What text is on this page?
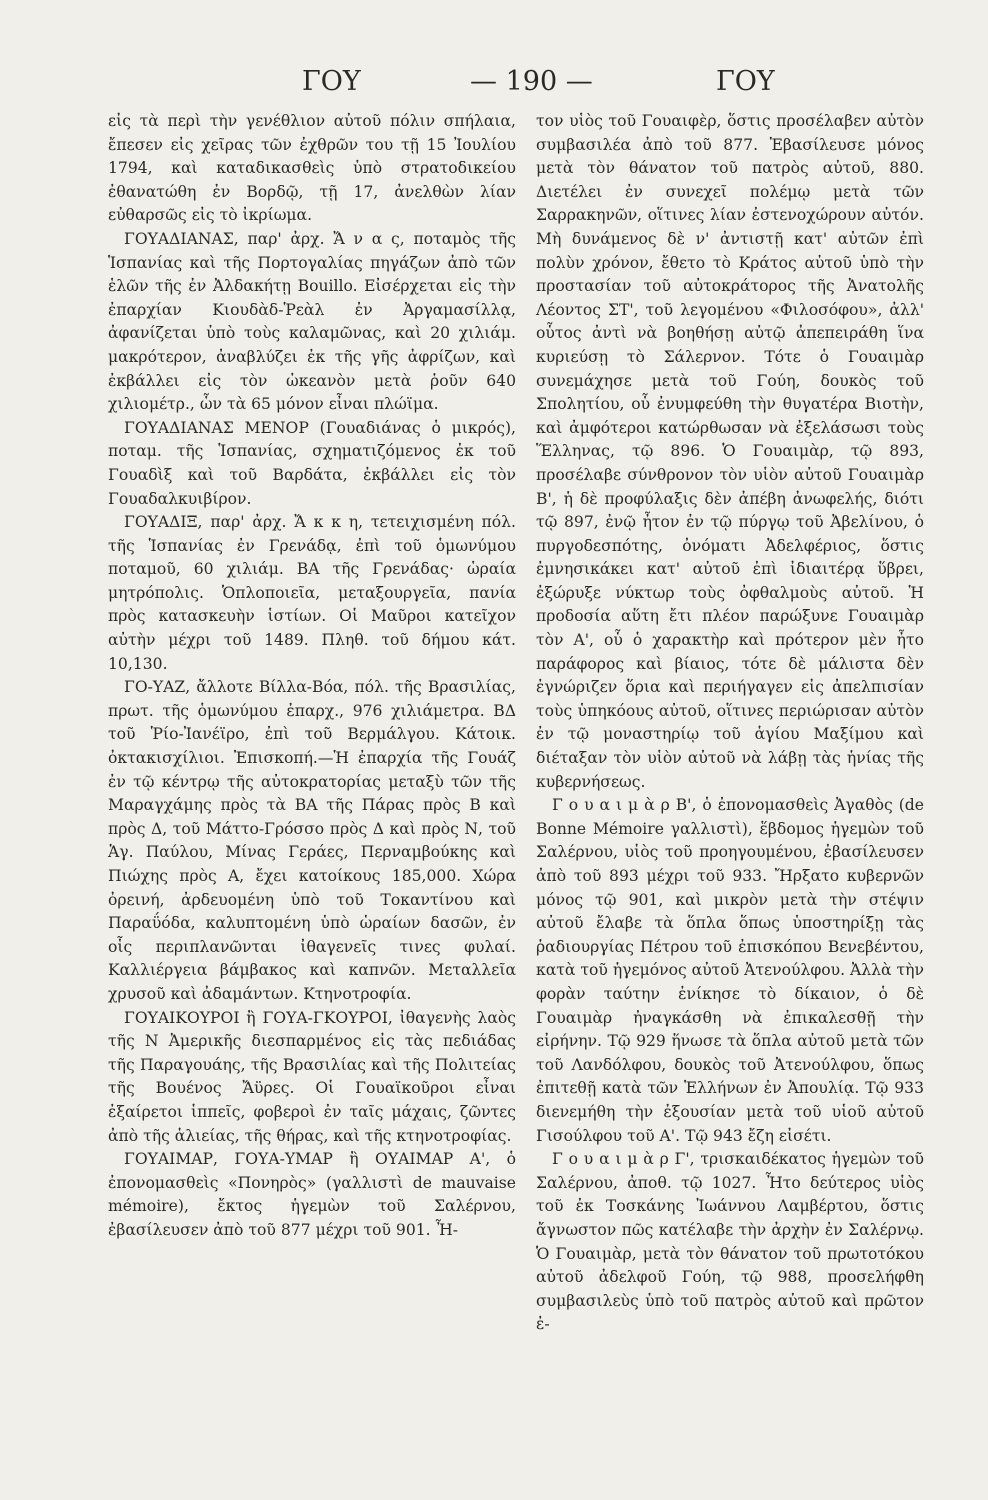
ΓΟΥ	— 190 —	ΓΟΥ

εἰς τὰ περὶ τὴν γενέθλιον αὐτοῦ πόλιν σπήλαια, ἔπεσεν εἰς χεῖρας τῶν ἐχθρῶν του τῇ 15 Ἰουλίου 1794, καὶ καταδικασθεὶς ὑπὸ στρατοδικείου ἐθανατώθη ἐν Βορδῷ, τῇ 17, ἀνελθὼν λίαν εὐθαρσῶς εἰς τὸ ἰκρίωμα.

ΓΟΥΑΔΙΑΝΑΣ, παρ' ἀρχ. Ἄ ν α ς, ποταμὸς τῆς Ἱσπανίας καὶ τῆς Πορτογαλίας πηγάζων ἀπὸ τῶν ἑλῶν τῆς ἐν Ἀλδακήτῃ Bouillo. Εἰσέρχεται εἰς τὴν ἐπαρχίαν Κιουδὰδ-Ῥεὰλ ἐν Ἀργαμασίλλᾳ, ἀφανίζεται ὑπὸ τοὺς καλαμῶνας, καὶ 20 χιλιάμ. μακρότερον, ἀναβλύζει ἐκ τῆς γῆς ἀφρίζων, καὶ ἐκβάλλει εἰς τὸν ὠκεανὸν μετὰ ῥοῦν 640 χιλιομέτρ., ὧν τὰ 65 μόνον εἶναι πλώϊμα.

ΓΟΥΑΔΙΑΝΑΣ ΜΕΝΟΡ (Γουαδιάνας ὁ μικρός), ποταμ. τῆς Ἱσπανίας, σχηματιζόμενος ἐκ τοῦ Γουαδὶξ καὶ τοῦ Βαρδάτα, ἐκβάλλει εἰς τὸν Γουαδαλκυιβίρον.

ΓΟΥΑΔΙΞ, παρ' ἀρχ. Ἄ κ κ η, τετειχισμένη πόλ. τῆς Ἱσπανίας ἐν Γρενάδᾳ, ἐπὶ τοῦ ὁμωνύμου ποταμοῦ, 60 χιλιάμ. ΒΑ τῆς Γρενάδας· ὡραία μητρόπολις. Ὁπλοποιεῖα, μεταξουργεῖα, πανία πρὸς κατασκευὴν ἱστίων. Οἱ Μαῦροι κατεῖχον αὐτὴν μέχρι τοῦ 1489. Πληθ. τοῦ δήμου κάτ. 10,130.

ΓΟ-ΥΑΖ, ἄλλοτε Βίλλα-Βόα, πόλ. τῆς Βρασιλίας, πρωτ. τῆς ὁμωνύμου ἐπαρχ., 976 χιλιάμετρα. ΒΔ τοῦ Ῥίο-Ἰανέϊρο, ἐπὶ τοῦ Βερμάλγου. Κάτοικ. ὀκτακισχίλιοι. Ἐπισκοπή.—Ἡ ἐπαρχία τῆς Γουάζ ἐν τῷ κέντρῳ τῆς αὐτοκρατορίας μεταξὺ τῶν τῆς Μαραγχάμης πρὸς τὰ ΒΑ τῆς Πάρας πρὸς Β καὶ πρὸς Δ, τοῦ Μάττο-Γρόσσο πρὸς Δ καὶ πρὸς Ν, τοῦ Ἁγ. Παύλου, Μίνας Γεράες, Περναμβούκης καὶ Πιώχης πρὸς Α, ἔχει κατοίκους 185,000. Χώρα ὀρεινή, ἀρδευομένη ὑπὸ τοῦ Τοκαντίνου καὶ Παραΰόδα, καλυπτομένη ὑπὸ ὡραίων δασῶν, ἐν οἷς περιπλανῶνται ἰθαγενεῖς τινες φυλαί. Καλλιέργεια βάμβακος καὶ καπνῶν. Μεταλλεῖα χρυσοῦ καὶ ἀδαμάντων. Κτηνοτροφία.

ΓΟΥΑΙΚΟΥΡΟΙ ἢ ΓΟΥΑ-ΓΚΟΥΡΟΙ, ἰθαγενὴς λαὸς τῆς Ν Ἀμερικῆς διεσπαρμένος εἰς τὰς πεδιάδας τῆς Παραγουάης, τῆς Βρασιλίας καὶ τῆς Πολιτείας τῆς Βουένος Ἄϋρες. Οἱ Γουαϊκοῦροι εἶναι ἐξαίρετοι ἱππεῖς, φοβεροὶ ἐν ταῖς μάχαις, ζῶντες ἀπὸ τῆς ἁλιείας, τῆς θήρας, καὶ τῆς κτηνοτροφίας.

ΓΟΥΑΙΜΑΡ, ΓΟΥΑ-ΥΜΑΡ ἢ ΟΥΑΙΜΑΡ Α', ὁ ἐπονομασθεὶς «Πονηρὸς» (γαλλιστὶ de mauvaise mémoire), ἔκτος ἡγεμὼν τοῦ Σαλέρνου, ἐβασίλευσεν ἀπὸ τοῦ 877 μέχρι τοῦ 901. Ἦ-

τον υἱὸς τοῦ Γουαιφὲρ, ὅστις προσέλαβεν αὐτὸν συμβασιλέα ἀπὸ τοῦ 877. Ἐβασίλευσε μόνος μετὰ τὸν θάνατον τοῦ πατρὸς αὐτοῦ, 880. Διετέλει ἐν συνεχεῖ πολέμῳ μετὰ τῶν Σαρρακηνῶν, οἵτινες λίαν ἐστενοχώρουν αὐτόν. Μὴ δυνάμενος δὲ ν' ἀντιστῇ κατ' αὐτῶν ἐπὶ πολὺν χρόνον, ἔθετο τὸ Κράτος αὐτοῦ ὑπὸ τὴν προστασίαν τοῦ αὐτοκράτορος τῆς Ἀνατολῆς Λέοντος ΣΤ', τοῦ λεγομένου «Φιλοσόφου», ἀλλ' οὗτος ἀντὶ νὰ βοηθήσῃ αὐτῷ ἀπεπειράθη ἵνα κυριεύσῃ τὸ Σάλερνον. Τότε ὁ Γουαιμὰρ συνεμάχησε μετὰ τοῦ Γούη, δουκὸς τοῦ Σπολητίου, οὗ ἐνυμφεύθη τὴν θυγατέρα Βιοτὴν, καὶ ἀμφότεροι κατώρθωσαν νὰ ἐξελάσωσι τοὺς Ἕλληνας, τῷ 896. Ὁ Γουαιμὰρ, τῷ 893, προσέλαβε σύνθρονον τὸν υἱὸν αὐτοῦ Γουαιμὰρ Β', ἡ δὲ προφύλαξις δὲν ἀπέβη ἀνωφελής, διότι τῷ 897, ἐνῷ ἦτον ἐν τῷ πύργῳ τοῦ Ἀβελίνου, ὁ πυργοδεσπότης, ὀνόματι Ἀδελφέριος, ὅστις ἐμνησικάκει κατ' αὐτοῦ ἐπὶ ἰδιαιτέρᾳ ὕβρει, ἐξώρυξε νύκτωρ τοὺς ὀφθαλμοὺς αὐτοῦ. Ἡ προδοσία αὕτη ἔτι πλέον παρώξυνε Γουαιμὰρ τὸν Α', οὗ ὁ χαρακτὴρ καὶ πρότερον μὲν ἦτο παράφορος καὶ βίαιος, τότε δὲ μάλιστα δὲν ἐγνώριζεν ὅρια καὶ περιήγαγεν εἰς ἀπελπισίαν τοὺς ὑπηκόους αὐτοῦ, οἵτινες περιώρισαν αὐτὸν ἐν τῷ μοναστηρίῳ τοῦ ἁγίου Μαξίμου καὶ διέταξαν τὸν υἱὸν αὐτοῦ νὰ λάβῃ τὰς ἡνίας τῆς κυβερνήσεως.

Γ ο υ α ι μ ὰ ρ Β', ὁ ἐπονομασθεὶς Ἀγαθὸς (de Bonne Mémoire γαλλιστὶ), ἕβδομος ἡγεμὼν τοῦ Σαλέρνου, υἱὸς τοῦ προηγουμένου, ἐβασίλευσεν ἀπὸ τοῦ 893 μέχρι τοῦ 933. Ἤρξατο κυβερνῶν μόνος τῷ 901, καὶ μικρὸν μετὰ τὴν στέψιν αὐτοῦ ἔλαβε τὰ ὅπλα ὅπως ὑποστηρίξῃ τὰς ῥαδιουργίας Πέτρου τοῦ ἐπισκόπου Βενεβέντου, κατὰ τοῦ ἡγεμόνος αὐτοῦ Ἀτενούλφου. Ἀλλὰ τὴν φορὰν ταύτην ἐνίκησε τὸ δίκαιον, ὁ δὲ Γουαιμὰρ ἠναγκάσθη νὰ ἐπικαλεσθῇ τὴν εἰρήνην. Τῷ 929 ἥνωσε τὰ ὅπλα αὐτοῦ μετὰ τῶν τοῦ Λανδόλφου, δουκὸς τοῦ Ἀτενούλφου, ὅπως ἐπιτεθῇ κατὰ τῶν Ἑλλήνων ἐν Ἀπουλίᾳ. Τῷ 933 διενεμήθη τὴν ἐξουσίαν μετὰ τοῦ υἱοῦ αὐτοῦ Γισούλφου τοῦ Α'. Τῷ 943 ἔζη εἰσέτι.

Γ ο υ α ι μ ὰ ρ Γ', τρισκαιδέκατος ἡγεμὼν τοῦ Σαλέρνου, ἀποθ. τῷ 1027. Ἦτο δεύτερος υἱὸς τοῦ ἐκ Τοσκάνης Ἰωάννου Λαμβέρτου, ὅστις ἄγνωστον πῶς κατέλαβε τὴν ἀρχὴν ἐν Σαλέρνῳ. Ὁ Γουαιμὰρ, μετὰ τὸν θάνατον τοῦ πρωτοτόκου αὐτοῦ ἀδελφοῦ Γούη, τῷ 988, προσελήφθη συμβασιλεὺς ὑπὸ τοῦ πατρὸς αὐτοῦ καὶ πρῶτον ἐ-
